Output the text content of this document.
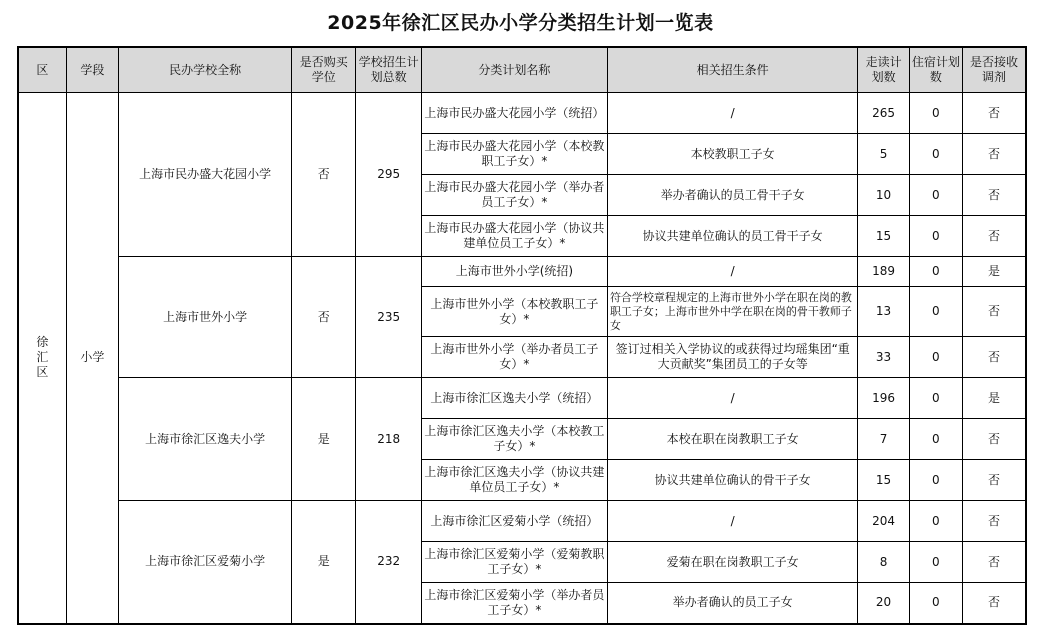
2025年徐汇区民办小学分类招生计划一览表
区	学段	民办学校全称	是否购买学位	学校招生计划总数	分类计划名称	相关招生条件	走读计划数	住宿计划数	是否接收调剂
徐
汇
区	小学	上海市民办盛大花园小学	否	295	上海市民办盛大花园小学（统招）	/	265	0	否
					上海市民办盛大花园小学（本校教职工子女）*	本校教职工子女	5	0	否
					上海市民办盛大花园小学（举办者员工子女）*	举办者确认的员工骨干子女	10	0	否
					上海市民办盛大花园小学（协议共建单位员工子女）*	协议共建单位确认的员工骨干子女	15	0	否
		上海市世外小学	否	235	上海市世外小学(统招)	/	189	0	是
					上海市世外小学（本校教职工子女）*	符合学校章程规定的上海市世外小学在职在岗的教职工子女；上海市世外中学在职在岗的骨干教师子女	13	0	否
					上海市世外小学（举办者员工子女）*	签订过相关入学协议的或获得过均瑶集团“重大贡献奖”集团员工的子女等	33	0	否
		上海市徐汇区逸夫小学	是	218	上海市徐汇区逸夫小学（统招）	/	196	0	是
					上海市徐汇区逸夫小学（本校教工子女）*	本校在职在岗教职工子女	7	0	否
					上海市徐汇区逸夫小学（协议共建单位员工子女）*	协议共建单位确认的骨干子女	15	0	否
		上海市徐汇区爱菊小学	是	232	上海市徐汇区爱菊小学（统招）	/	204	0	否
					上海市徐汇区爱菊小学（爱菊教职工子女）*	爱菊在职在岗教职工子女	8	0	否
					上海市徐汇区爱菊小学（举办者员工子女）*	举办者确认的员工子女	20	0	否
